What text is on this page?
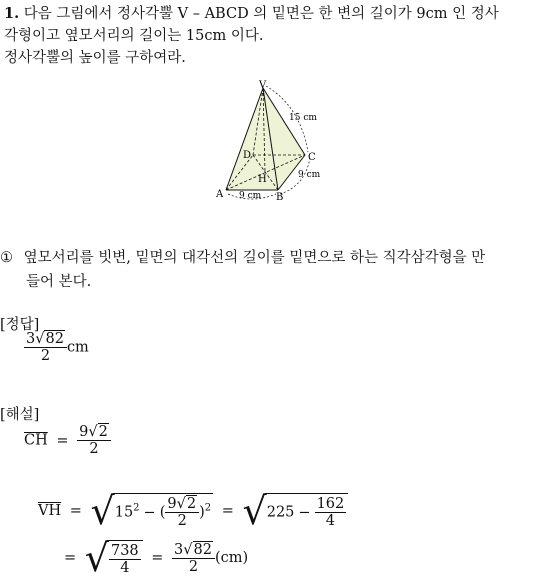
1. 다음 그림에서 정사각뿔 V – ABCD 의 밑면은 한 변의 길이가 9cm 인 정사
각형이고 옆모서리의 길이는 15cm 이다.
정사각뿔의 높이를 구하여라.
V
A	B
C
D
H
15 cm
9 cm
9 cm
① 옆모서리를 빗변, 밑면의 대각선의 길이를 밑면으로 하는 직각삼각형을 만
들어 본다.
[정답]
$\frac{3√82}{2}$ cm
[해설]
$\overline{CH} = \frac{9√2}{2}$
$\overline{VH} = √15^2$ − ( $\frac{9√2}{2} )^2 = √225 - \frac{162}{4}$
= √ $\frac{738}{4} = \frac{3√82}{2} (cm)$
